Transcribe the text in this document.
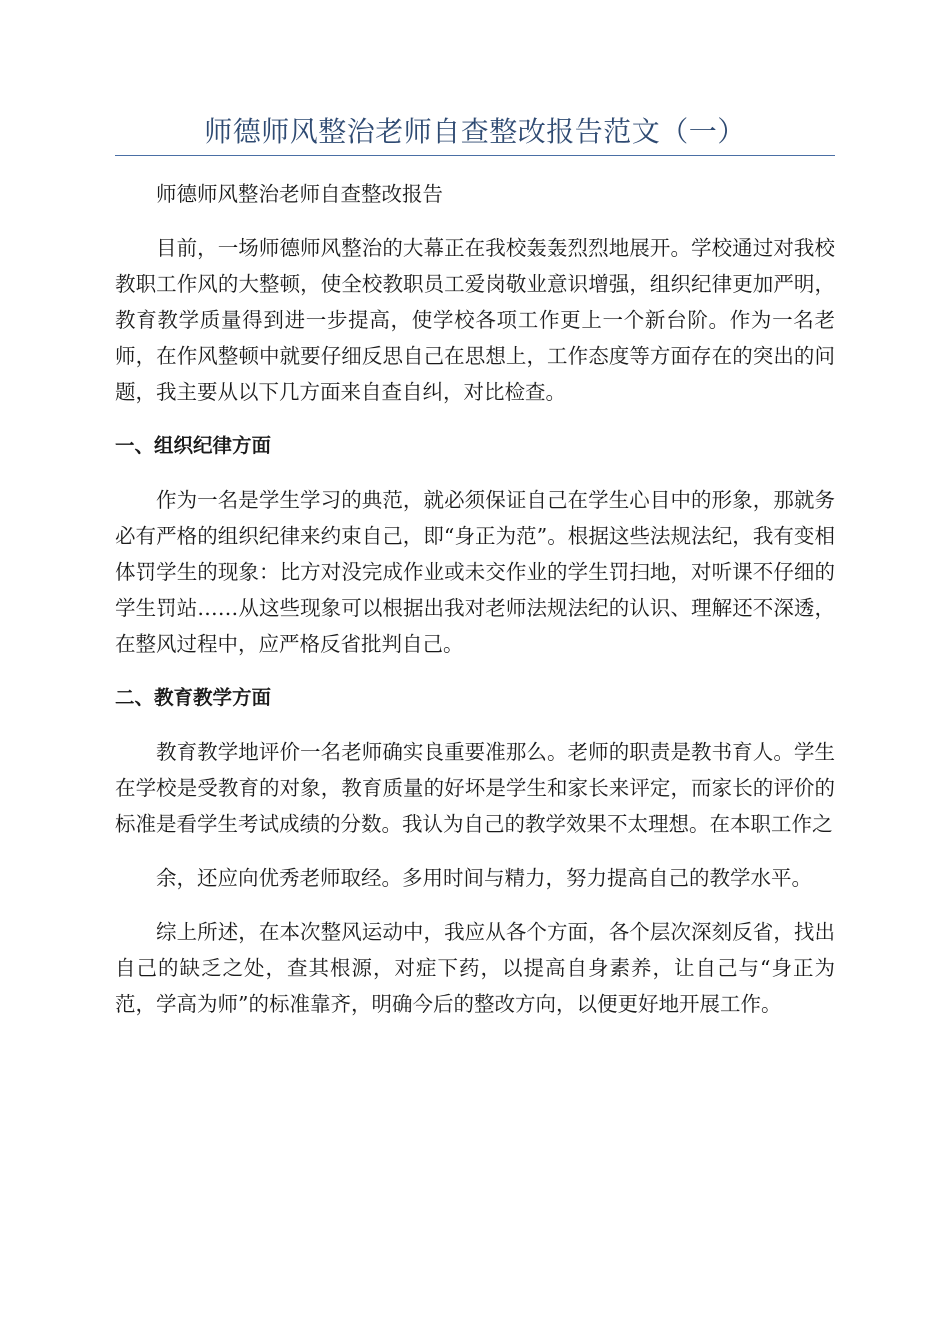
师德师风整治老师自查整改报告范文（一）

师德师风整治老师自查整改报告

目前，一场师德师风整治的大幕正在我校轰轰烈烈地展开。学校通过对我校教职工作风的大整顿，使全校教职员工爱岗敬业意识增强，组织纪律更加严明，教育教学质量得到进一步提高，使学校各项工作更上一个新台阶。作为一名老师，在作风整顿中就要仔细反思自己在思想上，工作态度等方面存在的突出的问题，我主要从以下几方面来自查自纠，对比检查。

一、组织纪律方面

作为一名是学生学习的典范，就必须保证自己在学生心目中的形象，那就务必有严格的组织纪律来约束自己，即“身正为范”。根据这些法规法纪，我有变相体罚学生的现象：比方对没完成作业或未交作业的学生罚扫地，对听课不仔细的学生罚站……从这些现象可以根据出我对老师法规法纪的认识、理解还不深透，在整风过程中，应严格反省批判自己。

二、教育教学方面

教育教学地评价一名老师确实良重要准那么。老师的职责是教书育人。学生在学校是受教育的对象，教育质量的好坏是学生和家长来评定，而家长的评价的标准是看学生考试成绩的分数。我认为自己的教学效果不太理想。在本职工作之

余，还应向优秀老师取经。多用时间与精力，努力提高自己的教学水平。

综上所述，在本次整风运动中，我应从各个方面，各个层次深刻反省，找出自己的缺乏之处，查其根源，对症下药，以提高自身素养，让自己与“身正为范，学高为师”的标准靠齐，明确今后的整改方向，以便更好地开展工作。
